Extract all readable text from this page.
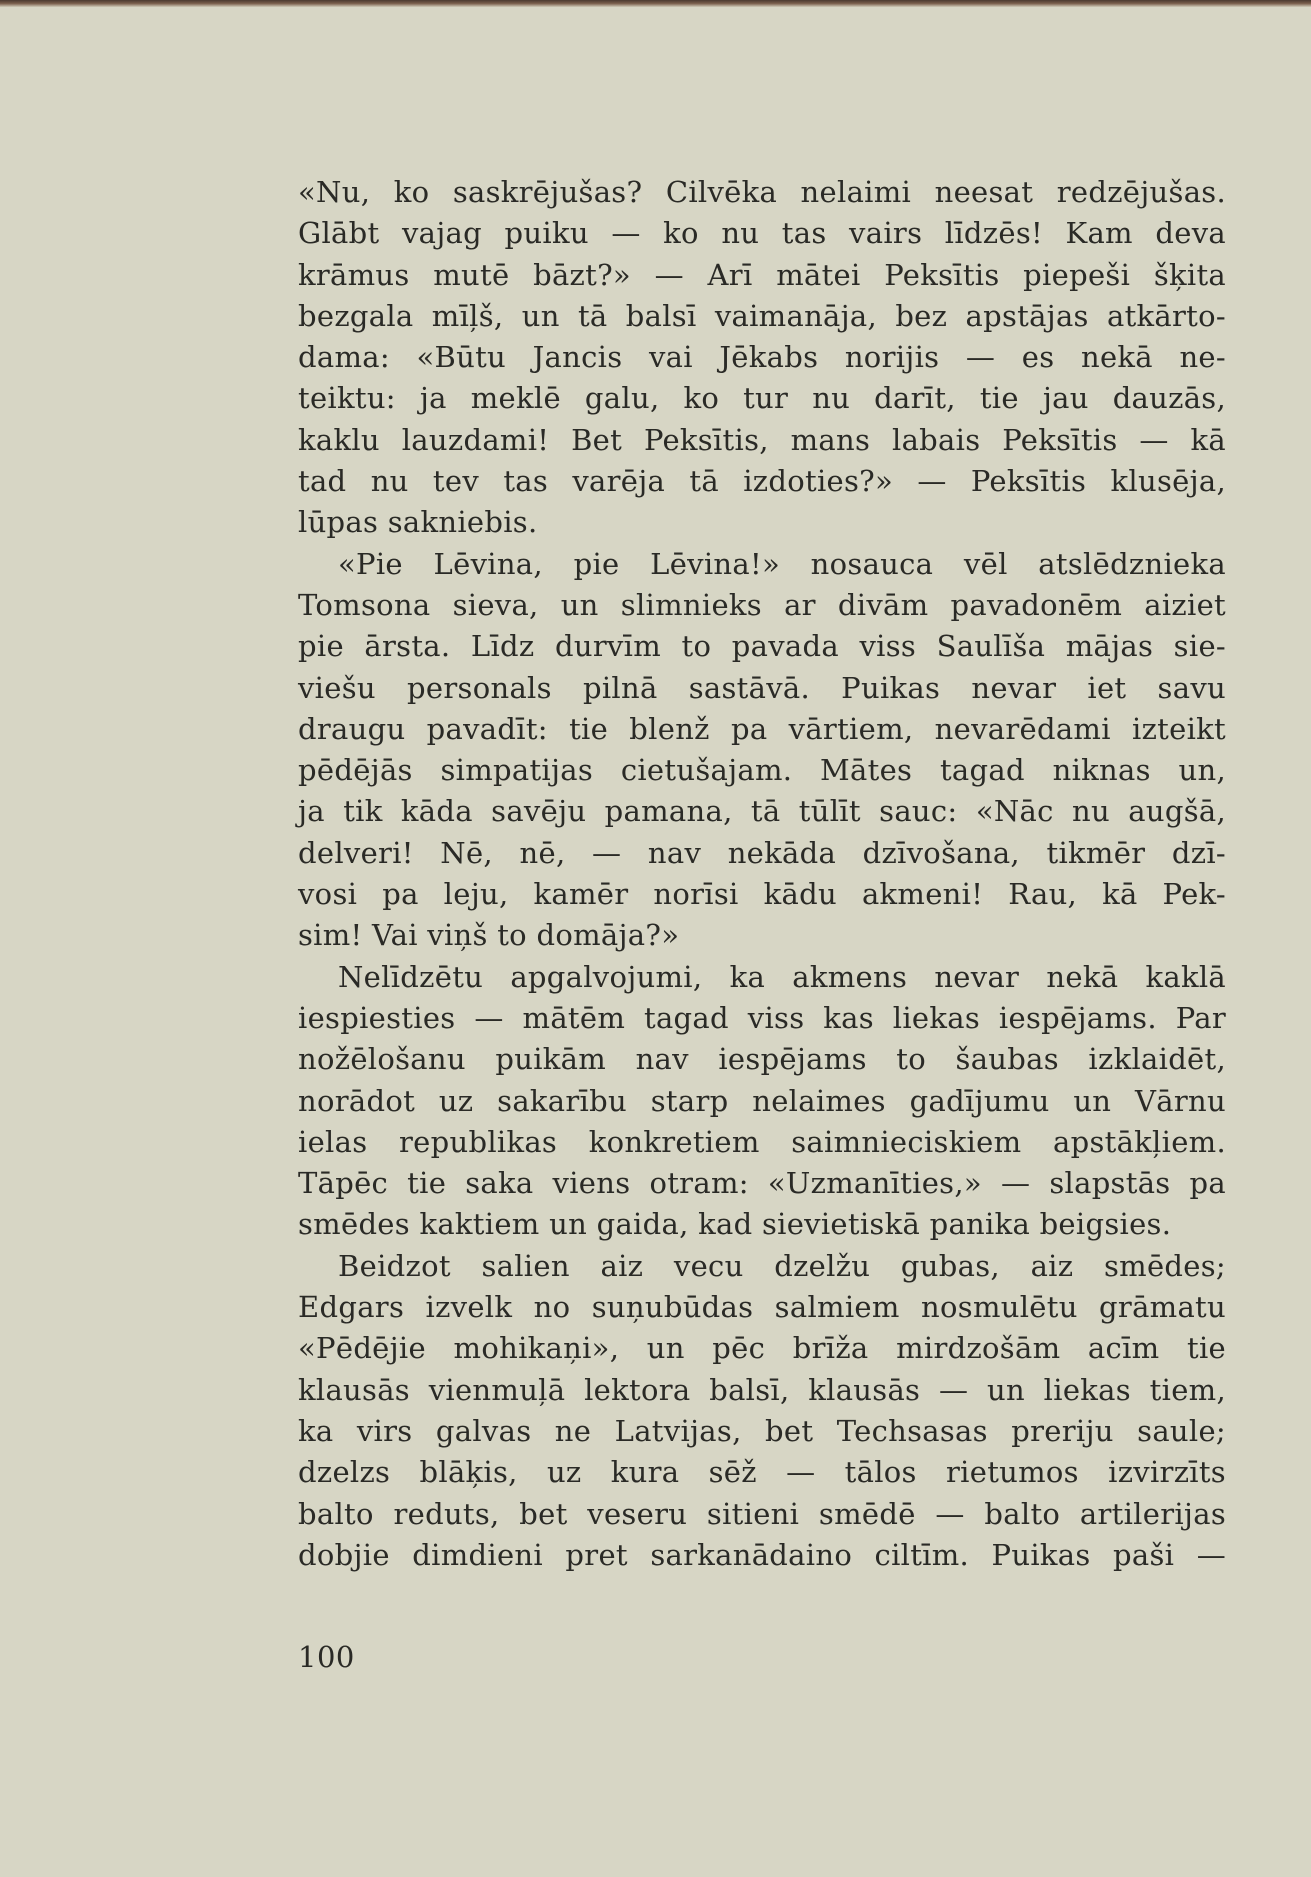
«Nu, ko saskrējušas? Cilvēka nelaimi neesat redzējušas.
Glābt vajag puiku — ko nu tas vairs līdzēs! Kam deva
krāmus mutē bāzt?» — Arī mātei Peksītis piepeši šķita
bezgala mīļš, un tā balsī vaimanāja, bez apstājas atkārto-
dama: «Būtu Jancis vai Jēkabs norijis — es nekā ne-
teiktu: ja meklē galu, ko tur nu darīt, tie jau dauzās,
kaklu lauzdami! Bet Peksītis, mans labais Peksītis — kā
tad nu tev tas varēja tā izdoties?» — Peksītis klusēja,
lūpas sakniebis.
«Pie Lēvina, pie Lēvina!» nosauca vēl atslēdznieka
Tomsona sieva, un slimnieks ar divām pavadonēm aiziet
pie ārsta. Līdz durvīm to pavada viss Saulīša mājas sie-
viešu personals pilnā sastāvā. Puikas nevar iet savu
draugu pavadīt: tie blenž pa vārtiem, nevarēdami izteikt
pēdējās simpatijas cietušajam. Mātes tagad niknas un,
ja tik kāda savēju pamana, tā tūlīt sauc: «Nāc nu augšā,
delveri! Nē, nē, — nav nekāda dzīvošana, tikmēr dzī-
vosi pa leju, kamēr norīsi kādu akmeni! Rau, kā Pek-
sim! Vai viņš to domāja?»
Nelīdzētu apgalvojumi, ka akmens nevar nekā kaklā
iespiesties — mātēm tagad viss kas liekas iespējams. Par
nožēlošanu puikām nav iespējams to šaubas izklaidēt,
norādot uz sakarību starp nelaimes gadījumu un Vārnu
ielas republikas konkretiem saimnieciskiem apstākļiem.
Tāpēc tie saka viens otram: «Uzmanīties,» — slapstās pa
smēdes kaktiem un gaida, kad sievietiskā panika beigsies.
Beidzot salien aiz vecu dzelžu gubas, aiz smēdes;
Edgars izvelk no suņubūdas salmiem nosmulētu grāmatu
«Pēdējie mohikaņi», un pēc brīža mirdzošām acīm tie
klausās vienmuļā lektora balsī, klausās — un liekas tiem,
ka virs galvas ne Latvijas, bet Techsasas preriju saule;
dzelzs blāķis, uz kura sēž — tālos rietumos izvirzīts
balto reduts, bet veseru sitieni smēdē — balto artilerijas
dobjie dimdieni pret sarkanādaino ciltīm. Puikas paši —
100
